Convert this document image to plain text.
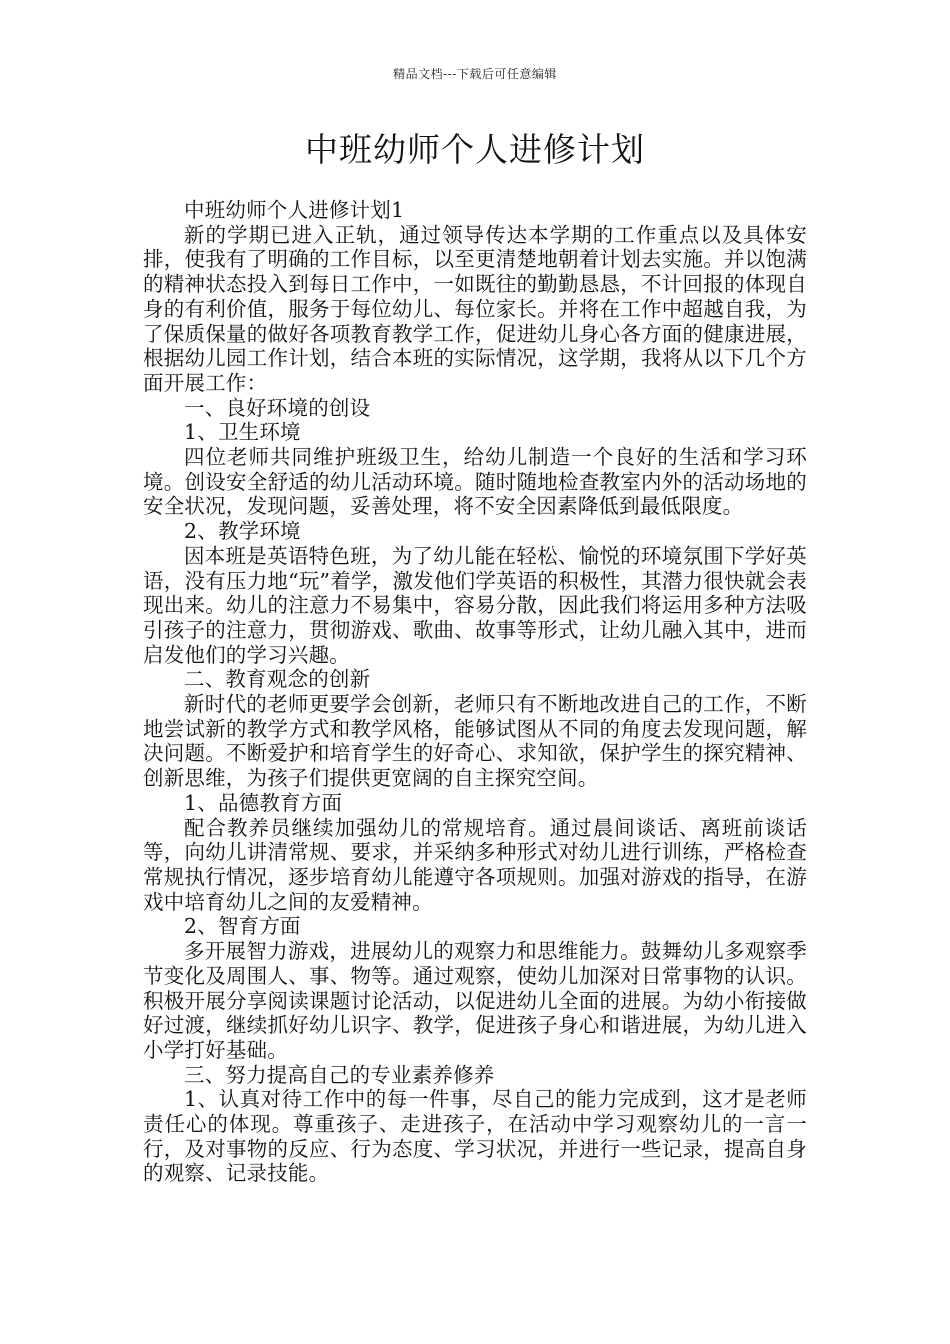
精品文档---下载后可任意编辑
中班幼师个人进修计划

中班幼师个人进修计划1

新的学期已进入正轨，通过领导传达本学期的工作重点以及具体安排，使我有了明确的工作目标，以至更清楚地朝着计划去实施。并以饱满的精神状态投入到每日工作中，一如既往的勤勤恳恳，不计回报的体现自身的有利价值，服务于每位幼儿、每位家长。并将在工作中超越自我，为了保质保量的做好各项教育教学工作，促进幼儿身心各方面的健康进展，根据幼儿园工作计划，结合本班的实际情况，这学期，我将从以下几个方面开展工作：

一、良好环境的创设

1、卫生环境

四位老师共同维护班级卫生，给幼儿制造一个良好的生活和学习环境。创设安全舒适的幼儿活动环境。随时随地检查教室内外的活动场地的安全状况，发现问题，妥善处理，将不安全因素降低到最低限度。

2、教学环境

因本班是英语特色班，为了幼儿能在轻松、愉悦的环境氛围下学好英语，没有压力地“玩”着学，激发他们学英语的积极性，其潜力很快就会表现出来。幼儿的注意力不易集中，容易分散，因此我们将运用多种方法吸引孩子的注意力，贯彻游戏、歌曲、故事等形式，让幼儿融入其中，进而启发他们的学习兴趣。

二、教育观念的创新

新时代的老师更要学会创新，老师只有不断地改进自己的工作，不断地尝试新的教学方式和教学风格，能够试图从不同的角度去发现问题，解决问题。不断爱护和培育学生的好奇心、求知欲，保护学生的探究精神、创新思维，为孩子们提供更宽阔的自主探究空间。

1、品德教育方面

配合教养员继续加强幼儿的常规培育。通过晨间谈话、离班前谈话等，向幼儿讲清常规、要求，并采纳多种形式对幼儿进行训练，严格检查常规执行情况，逐步培育幼儿能遵守各项规则。加强对游戏的指导，在游戏中培育幼儿之间的友爱精神。

2、智育方面

多开展智力游戏，进展幼儿的观察力和思维能力。鼓舞幼儿多观察季节变化及周围人、事、物等。通过观察，使幼儿加深对日常事物的认识。积极开展分享阅读课题讨论活动，以促进幼儿全面的进展。为幼小衔接做好过渡，继续抓好幼儿识字、教学，促进孩子身心和谐进展，为幼儿进入小学打好基础。

三、努力提高自己的专业素养修养

1、认真对待工作中的每一件事，尽自己的能力完成到，这才是老师责任心的体现。尊重孩子、走进孩子，在活动中学习观察幼儿的一言一行，及对事物的反应、行为态度、学习状况，并进行一些记录，提高自身的观察、记录技能。
